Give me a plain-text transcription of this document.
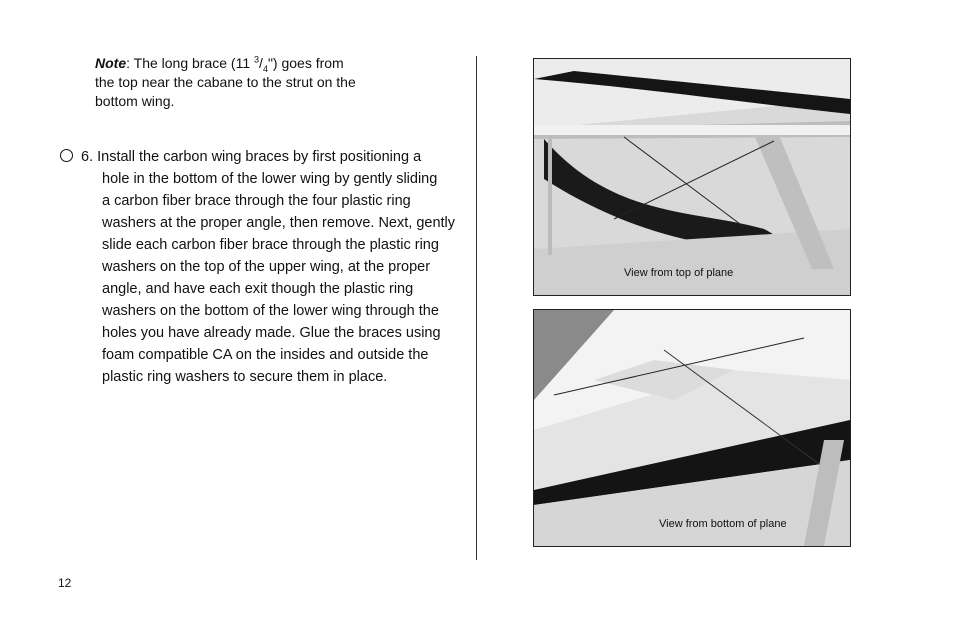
Note: The long brace (11 $^3/_4$") goes from
the top near the cabane to the strut on the
bottom wing.
6. Install the carbon wing braces by first positioning a
hole in the bottom of the lower wing by gently sliding
a carbon fiber brace through the four plastic ring
washers at the proper angle, then remove. Next, gently
slide each carbon fiber brace through the plastic ring
washers on the top of the upper wing, at the proper
angle, and have each exit though the plastic ring
washers on the bottom of the lower wing through the
holes you have already made. Glue the braces using
foam compatible CA on the insides and outside the
plastic ring washers to secure them in place.
View from top of plane
View from bottom of plane
12
